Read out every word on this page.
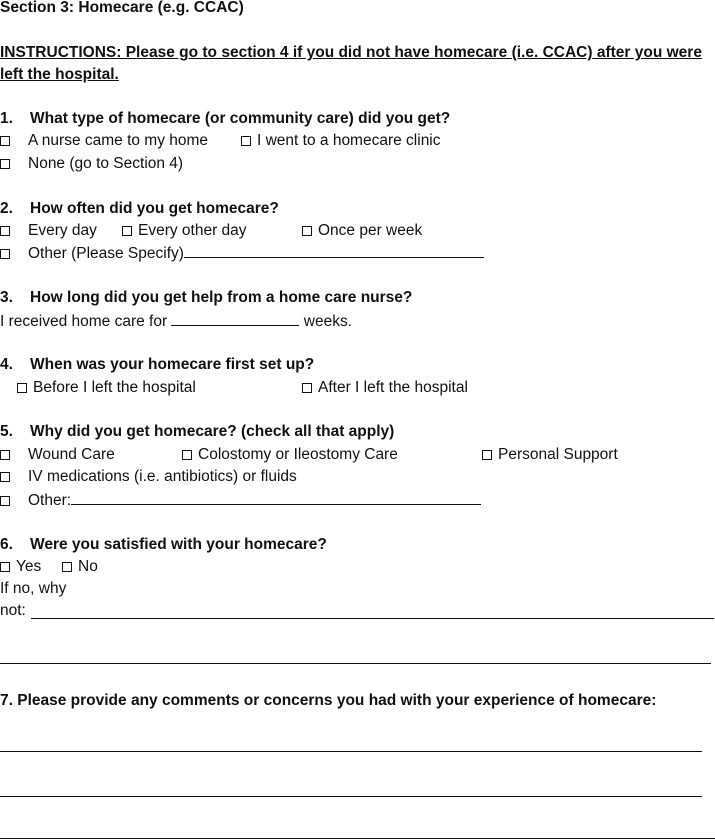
Section 3: Homecare (e.g. CCAC)
INSTRUCTIONS: Please go to section 4 if you did not have homecare (i.e. CCAC) after you were
left the hospital.
1. What type of homecare (or community care) did you get?
A nurse came to my home	I went to a homecare clinic
None (go to Section 4)
2. How often did you get homecare?
Every day	Every other day	Once per week
Other (Please Specify)
3. How long did you get help from a home care nurse?
I received home care for	weeks.
4. When was your homecare first set up?
Before I left the hospital	After I left the hospital
5. Why did you get homecare? (check all that apply)
Wound Care	Colostomy or Ileostomy Care	Personal Support
IV medications (i.e. antibiotics) or fluids
Other:
6. Were you satisfied with your homecare?
Yes	No
If no, why
not:
7. Please provide any comments or concerns you had with your experience of homecare:
